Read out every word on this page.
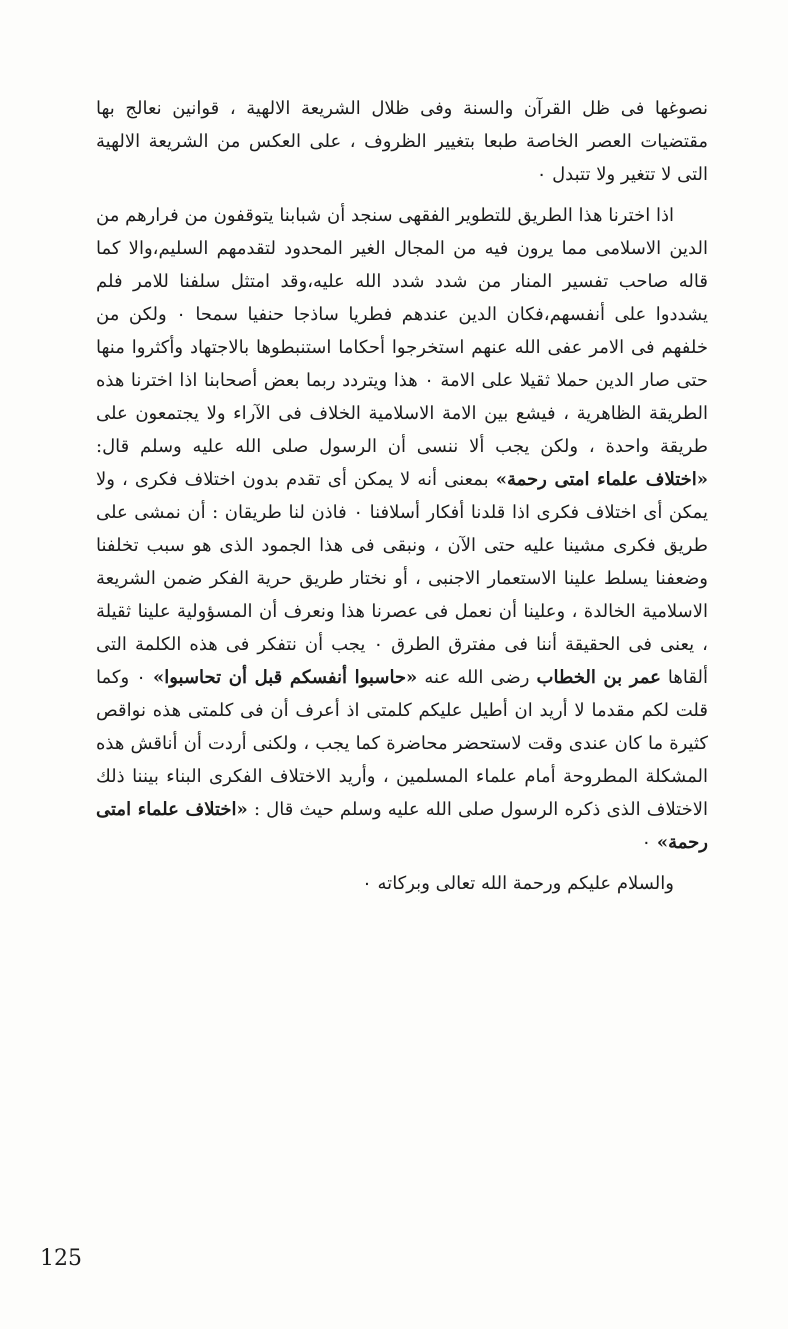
نصوغها فى ظل القرآن والسنة وفى ظلال الشريعة الالهية ، قوانين نعالج بها مقتضيات العصر الخاصة طبعا بتغيير الظروف ، على العكس من الشريعة الالهية التى لا تتغير ولا تتبدل ٠

اذا اخترنا هذا الطريق للتطوير الفقهى سنجد أن شبابنا يتوقفون من فرارهم من الدين الاسلامى مما يرون فيه من المجال الغير المحدود لتقدمهم السليم،والا كما قاله صاحب تفسير المنار من شدد شدد الله عليه،وقد امتثل سلفنا للامر فلم يشددوا على أنفسهم،فكان الدين عندهم فطريا ساذجا حنفيا سمحا ٠ ولكن من خلفهم فى الامر عفى الله عنهم استخرجوا أحكاما استنبطوها بالاجتهاد وأكثروا منها حتى صار الدين حملا ثقيلا على الامة ٠ هذا ويتردد ربما بعض أصحابنا اذا اخترنا هذه الطريقة الظاهرية ، فيشع بين الامة الاسلامية الخلاف فى الآراء ولا يجتمعون على طريقة واحدة ، ولكن يجب ألا ننسى أن الرسول صلى الله عليه وسلم قال: «اختلاف علماء امتى رحمة» بمعنى أنه لا يمكن أى تقدم بدون اختلاف فكرى ، ولا يمكن أى اختلاف فكرى اذا قلدنا أفكار أسلافنا ٠ فاذن لنا طريقان : أن نمشى على طريق فكرى مشينا عليه حتى الآن ، ونبقى فى هذا الجمود الذى هو سبب تخلفنا وضعفنا يسلط علينا الاستعمار الاجنبى ، أو نختار طريق حرية الفكر ضمن الشريعة الاسلامية الخالدة ، وعلينا أن نعمل فى عصرنا هذا ونعرف أن المسؤولية علينا ثقيلة ، يعنى فى الحقيقة أننا فى مفترق الطرق ٠ يجب أن نتفكر فى هذه الكلمة التى ألقاها عمر بن الخطاب رضى الله عنه «حاسبوا أنفسكم قبل أن تحاسبوا» ٠ وكما قلت لكم مقدما لا أريد ان أطيل عليكم كلمتى اذ أعرف أن فى كلمتى هذه نواقص كثيرة ما كان عندى وقت لاستحضر محاضرة كما يجب ، ولكنى أردت أن أناقش هذه المشكلة المطروحة أمام علماء المسلمين ، وأريد الاختلاف الفكرى البناء بيننا ذلك الاختلاف الذى ذكره الرسول صلى الله عليه وسلم حيث قال : «اختلاف علماء امتى رحمة» ٠

والسلام عليكم ورحمة الله تعالى وبركاته ٠

125
